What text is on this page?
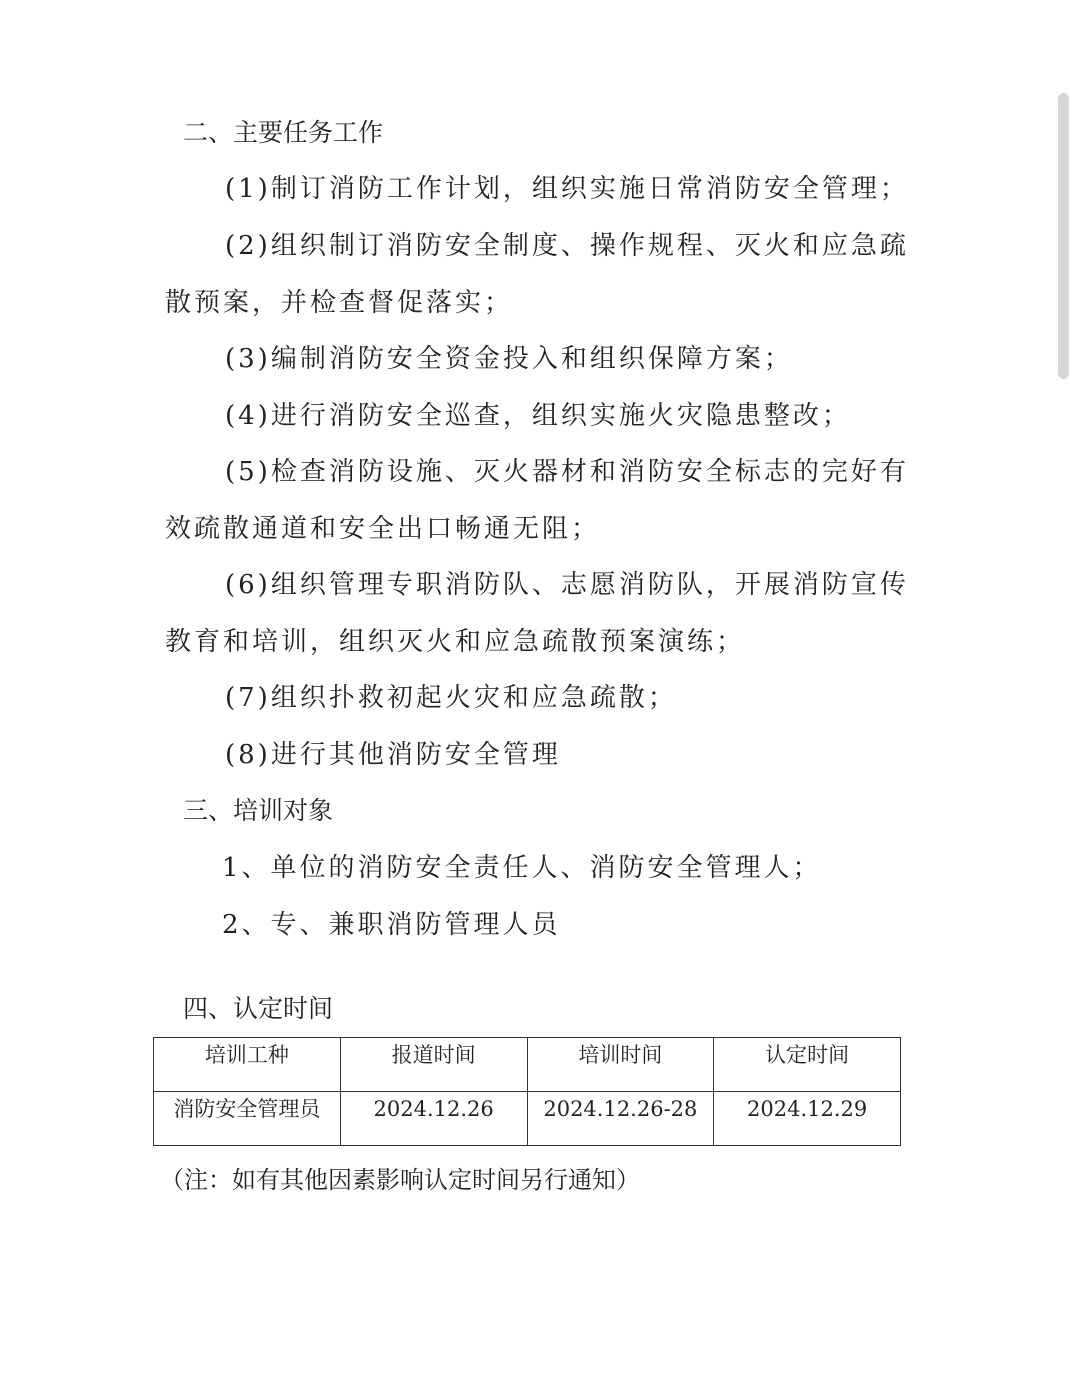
二、主要任务工作
(1)制订消防工作计划，组织实施日常消防安全管理；
(2)组织制订消防安全制度、操作规程、灭火和应急疏
散预案，并检查督促落实；
(3)编制消防安全资金投入和组织保障方案；
(4)进行消防安全巡查，组织实施火灾隐患整改；
(5)检查消防设施、灭火器材和消防安全标志的完好有
效疏散通道和安全出口畅通无阻；
(6)组织管理专职消防队、志愿消防队，开展消防宣传
教育和培训，组织灭火和应急疏散预案演练；
(7)组织扑救初起火灾和应急疏散；
(8)进行其他消防安全管理
三、培训对象
1、单位的消防安全责任人、消防安全管理人；
2、专、兼职消防管理人员
四、认定时间
培训工种	报道时间	培训时间	认定时间
消防安全管理员	2024.12.26	2024.12.26-28	2024.12.29
（注：如有其他因素影响认定时间另行通知）
